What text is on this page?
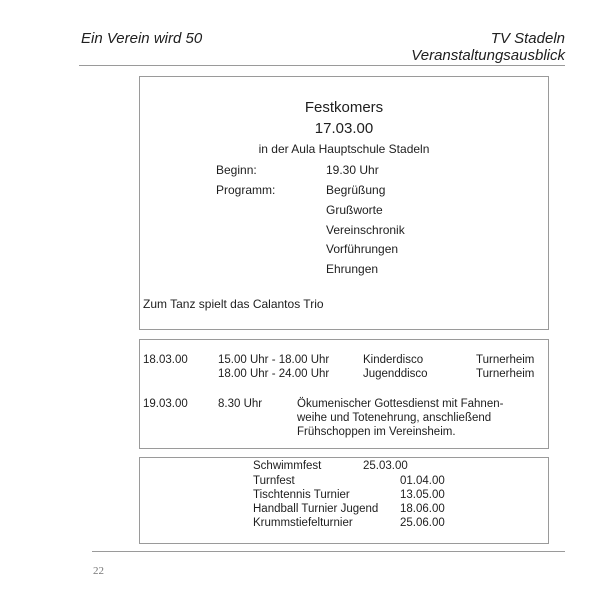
Ein Verein wird 50	TV Stadeln
Veranstaltungsausblick
Festkomers
17.03.00
in der Aula Hauptschule Stadeln
Beginn:	19.30 Uhr
Programm:	Begrüßung
Grußworte
Vereinschronik
Vorführungen
Ehrungen
Zum Tanz spielt das Calantos Trio
18.03.00	15.00 Uhr - 18.00 Uhr	Kinderdisco	Turnerheim
18.00 Uhr - 24.00 Uhr	Jugenddisco	Turnerheim
19.03.00	8.30 Uhr	Ökumenischer Gottesdienst mit Fahnen-
weihe und Totenehrung, anschließend
Frühschoppen im Vereinsheim.
Schwimmfest	25.03.00
Turnfest	01.04.00
Tischtennis Turnier	13.05.00
Handball Turnier Jugend 18.06.00
Krummstiefelturnier	25.06.00
22
